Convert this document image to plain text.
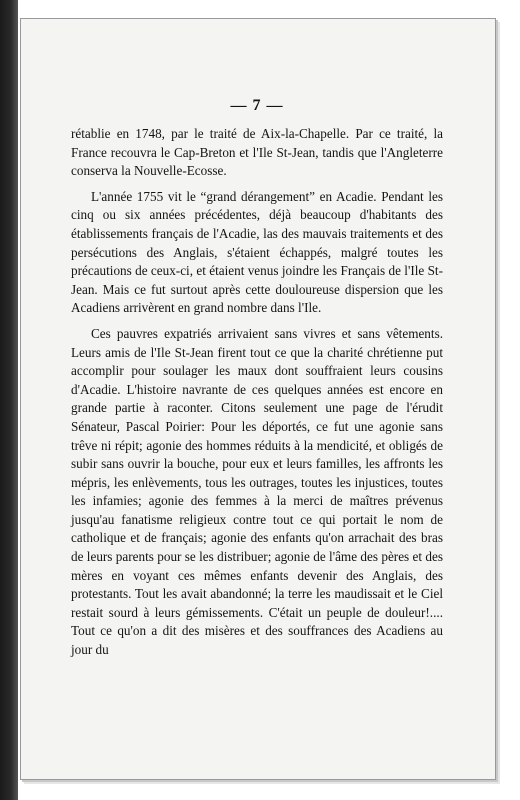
— 7 —

rétablie en 1748, par le traité de Aix-la-Chapelle. Par ce traité, la France recouvra le Cap-Breton et l'Ile St-Jean, tandis que l'Angleterre conserva la Nouvelle-Ecosse.

L'année 1755 vit le “grand dérangement” en Acadie. Pendant les cinq ou six années précédentes, déjà beaucoup d'habitants des établissements français de l'Acadie, las des mauvais traitements et des persécutions des Anglais, s'étaient échappés, malgré toutes les précautions de ceux-ci, et étaient venus joindre les Français de l'Ile St-Jean. Mais ce fut surtout après cette douloureuse dispersion que les Acadiens arrivèrent en grand nombre dans l'Ile.

Ces pauvres expatriés arrivaient sans vivres et sans vêtements. Leurs amis de l'Ile St-Jean firent tout ce que la charité chrétienne put accomplir pour soulager les maux dont souffraient leurs cousins d'Acadie. L'histoire navrante de ces quelques années est encore en grande partie à raconter. Citons seulement une page de l'érudit Sénateur, Pascal Poirier: Pour les déportés, ce fut une agonie sans trêve ni répit; agonie des hommes réduits à la mendicité, et obligés de subir sans ouvrir la bouche, pour eux et leurs familles, les affronts les mépris, les enlèvements, tous les outrages, toutes les injustices, toutes les infamies; agonie des femmes à la merci de maîtres prévenus jusqu'au fanatisme religieux contre tout ce qui portait le nom de catholique et de français; agonie des enfants qu'on arrachait des bras de leurs parents pour se les distribuer; agonie de l'âme des pères et des mères en voyant ces mêmes enfants devenir des Anglais, des protestants. Tout les avait abandonné; la terre les maudissait et le Ciel restait sourd à leurs gémissements. C'était un peuple de douleur!.... Tout ce qu'on a dit des misères et des souffrances des Acadiens au jour du
